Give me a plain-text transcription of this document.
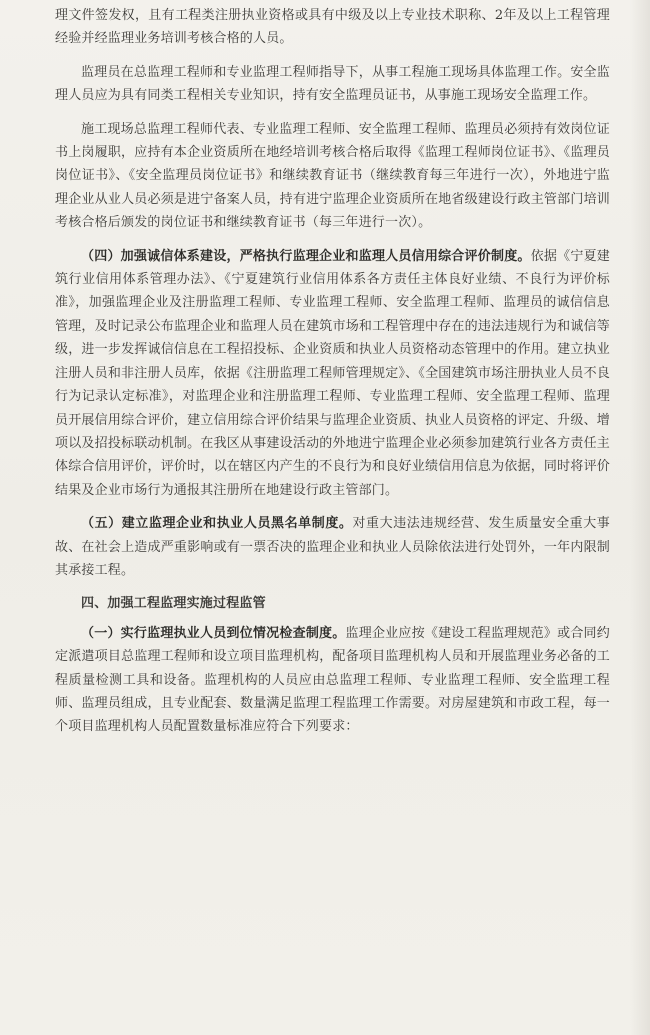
理文件签发权，且有工程类注册执业资格或具有中级及以上专业技术职称、2年及以上工程管理经验并经监理业务培训考核合格的人员。

监理员在总监理工程师和专业监理工程师指导下，从事工程施工现场具体监理工作。安全监理人员应为具有同类工程相关专业知识，持有安全监理员证书，从事施工现场安全监理工作。

施工现场总监理工程师代表、专业监理工程师、安全监理工程师、监理员必须持有效岗位证书上岗履职，应持有本企业资质所在地经培训考核合格后取得《监理工程师岗位证书》、《监理员岗位证书》、《安全监理员岗位证书》和继续教育证书（继续教育每三年进行一次），外地进宁监理企业从业人员必须是进宁备案人员，持有进宁监理企业资质所在地省级建设行政主管部门培训考核合格后颁发的岗位证书和继续教育证书（每三年进行一次）。

（四）加强诚信体系建设，严格执行监理企业和监理人员信用综合评价制度。依据《宁夏建筑行业信用体系管理办法》、《宁夏建筑行业信用体系各方责任主体良好业绩、不良行为评价标准》，加强监理企业及注册监理工程师、专业监理工程师、安全监理工程师、监理员的诚信信息管理，及时记录公布监理企业和监理人员在建筑市场和工程管理中存在的违法违规行为和诚信等级，进一步发挥诚信信息在工程招投标、企业资质和执业人员资格动态管理中的作用。建立执业注册人员和非注册人员库，依据《注册监理工程师管理规定》、《全国建筑市场注册执业人员不良行为记录认定标准》，对监理企业和注册监理工程师、专业监理工程师、安全监理工程师、监理员开展信用综合评价，建立信用综合评价结果与监理企业资质、执业人员资格的评定、升级、增项以及招投标联动机制。在我区从事建设活动的外地进宁监理企业必须参加建筑行业各方责任主体综合信用评价，评价时，以在辖区内产生的不良行为和良好业绩信用信息为依据，同时将评价结果及企业市场行为通报其注册所在地建设行政主管部门。

（五）建立监理企业和执业人员黑名单制度。对重大违法违规经营、发生质量安全重大事故、在社会上造成严重影响或有一票否决的监理企业和执业人员除依法进行处罚外，一年内限制其承接工程。

四、加强工程监理实施过程监管

（一）实行监理执业人员到位情况检查制度。监理企业应按《建设工程监理规范》或合同约定派遣项目总监理工程师和设立项目监理机构，配备项目监理机构人员和开展监理业务必备的工程质量检测工具和设备。监理机构的人员应由总监理工程师、专业监理工程师、安全监理工程师、监理员组成，且专业配套、数量满足监理工程监理工作需要。对房屋建筑和市政工程，每一个项目监理机构人员配置数量标准应符合下列要求：
